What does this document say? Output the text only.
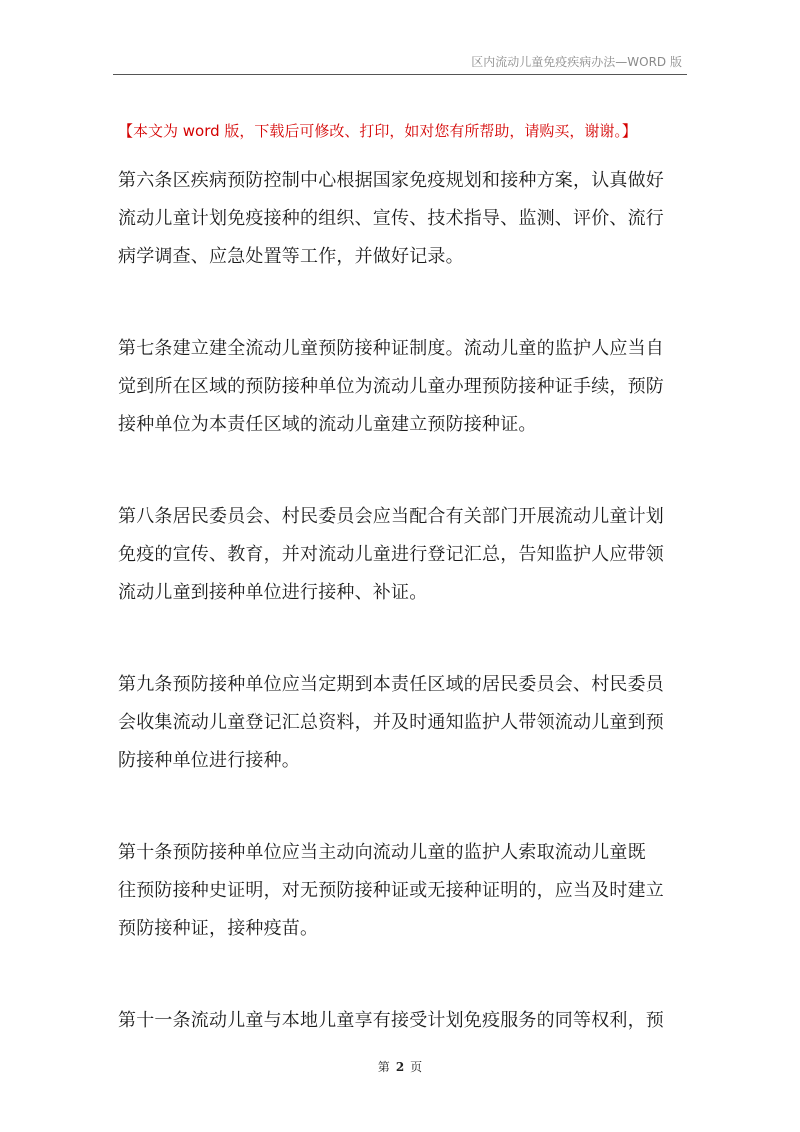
区内流动儿童免疫疾病办法—WORD 版
【本文为 word 版，下载后可修改、打印，如对您有所帮助，请购买，谢谢。】
第六条区疾病预防控制中心根据国家免疫规划和接种方案，认真做好
流动儿童计划免疫接种的组织、宣传、技术指导、监测、评价、流行
病学调查、应急处置等工作，并做好记录。
第七条建立建全流动儿童预防接种证制度。流动儿童的监护人应当自
觉到所在区域的预防接种单位为流动儿童办理预防接种证手续，预防
接种单位为本责任区域的流动儿童建立预防接种证。
第八条居民委员会、村民委员会应当配合有关部门开展流动儿童计划
免疫的宣传、教育，并对流动儿童进行登记汇总，告知监护人应带领
流动儿童到接种单位进行接种、补证。
第九条预防接种单位应当定期到本责任区域的居民委员会、村民委员
会收集流动儿童登记汇总资料，并及时通知监护人带领流动儿童到预
防接种单位进行接种。
第十条预防接种单位应当主动向流动儿童的监护人索取流动儿童既
往预防接种史证明，对无预防接种证或无接种证明的，应当及时建立
预防接种证，接种疫苗。
第十一条流动儿童与本地儿童享有接受计划免疫服务的同等权利，预
第 2 页
